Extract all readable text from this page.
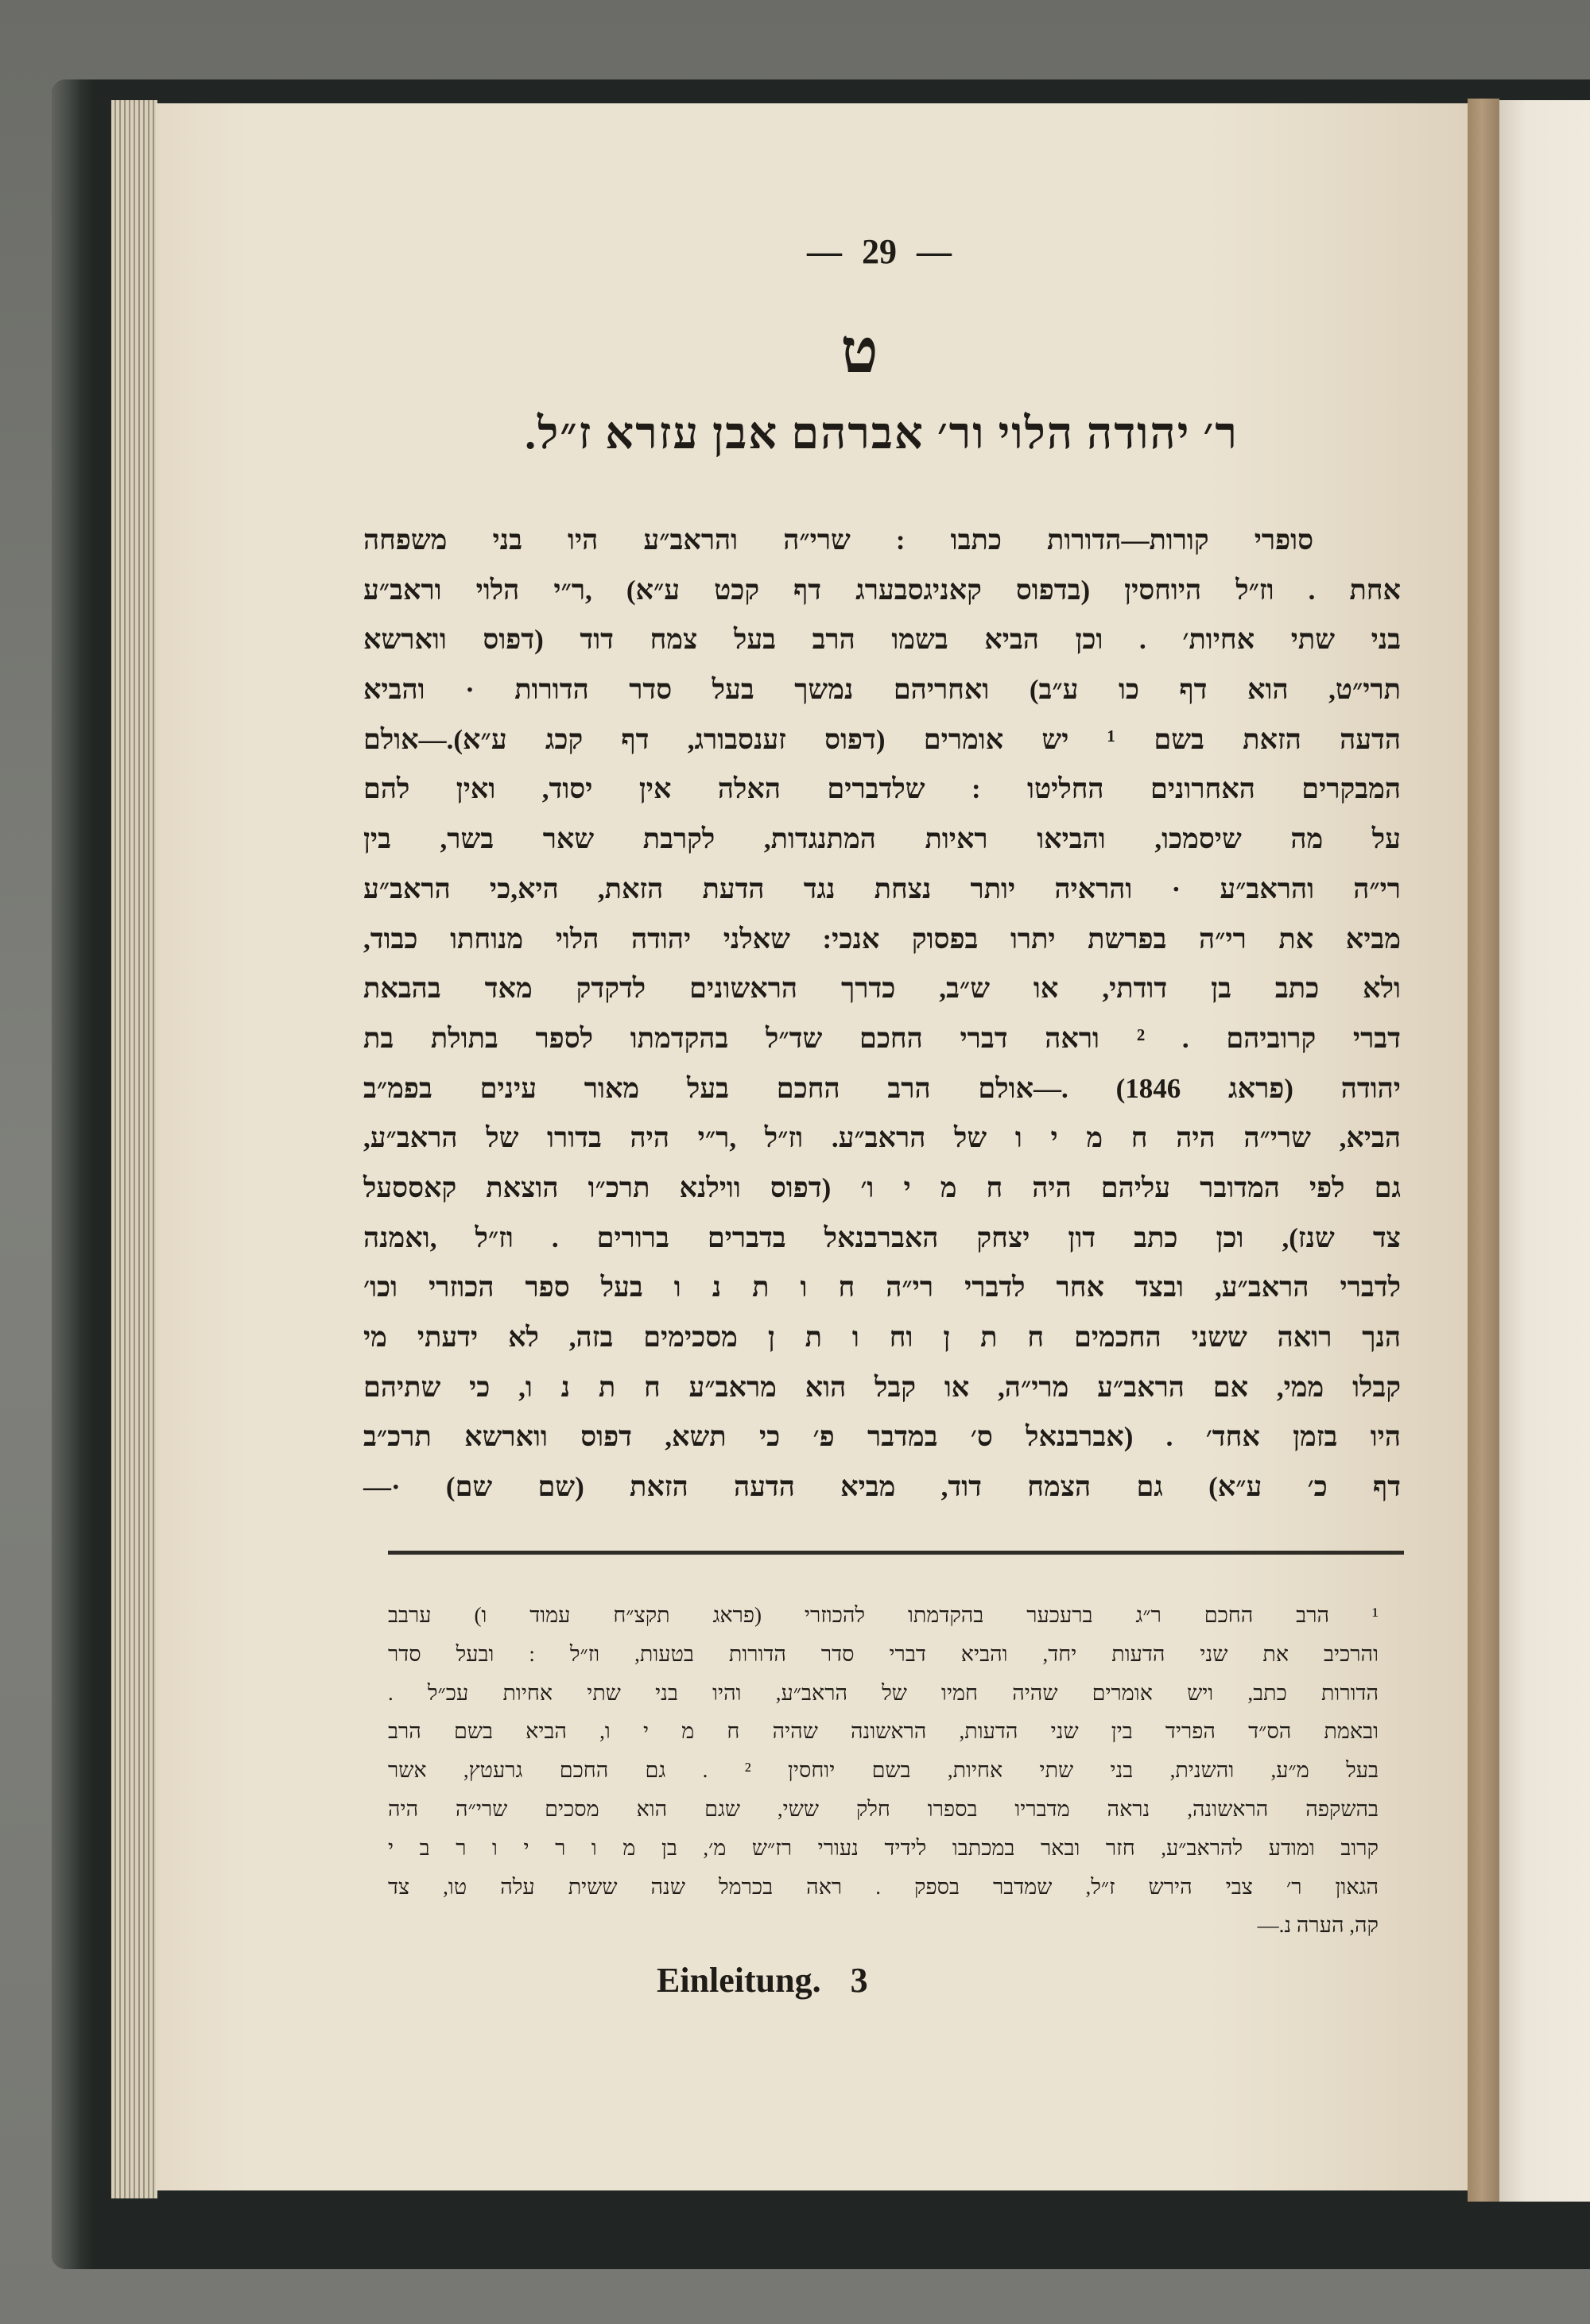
— 29 —
ט
ר׳ יהודה הלוי ור׳ אברהם אבן עזרא ז״ל.
סופרי קורות—הדורות כתבו : שרי״ה והראב״ע היו בני משפחה
אחת . וז״ל היוחסין (בדפוס קאניגסבערג דף קכט ע״א) ,ר״י הלוי וראב״ע
בני שתי אחיות׳ . וכן הביא בשמו הרב בעל צמח דוד (דפוס ווארשא
תרי״ט, הוא דף כו ע״ב) ואחריהם נמשך בעל סדר הדורות · והביא
הדעה הזאת בשם ¹ יש אומרים (דפוס זענסבורג, דף קכג ע״א).—אולם
המבקרים האחרונים החליטו : שלדברים האלה אין יסוד, ואין להם
על מה שיסמכו, והביאו ראיות המתנגדות, לקרבת שאר בשר, בין
רי״ה והראב״ע · והראיה יותר נצחת נגד הדעת הזאת, היא,כי הראב״ע
מביא את רי״ה בפרשת יתרו בפסוק אנכי: שאלני יהודה הלוי מנוחתו כבוד,
ולא כתב בן דודתי, או ש״ב, כדרך הראשונים לדקדק מאד בהבאת
דברי קרוביהם . ² וראה דברי החכם שד״ל בהקדמתו לספר בתולת בת
יהודה (פראג 1846) .—אולם הרב החכם בעל מאור עינים בפמ״ב
הביא, שרי״ה היה ח מ י ו של הראב״ע. וז״ל ,ר״י היה בדורו של הראב״ע,
גם לפי המדובר עליהם היה ח מ י ו׳ (דפוס ווילנא תרכ״ו הוצאת קאססעל
צד שנז), וכן כתב דון יצחק האברבנאל בדברים ברורים . וז״ל ,ואמנה
לדברי הראב״ע, ובצד אחר לדברי רי״ה ח ו ת נ ו בעל ספר הכוזרי וכו׳
הנך רואה ששני החכמים ח ת ן וח ו ת ן מסכימים בזה, לא ידעתי מי
קבלו ממי, אם הראב״ע מרי״ה, או קבל הוא מראב״ע ח ת נ ו, כי שתיהם
היו בזמן אחד׳ . (אברבנאל ס׳ במדבר פ׳ כי תשא, דפוס ווארשא תרכ״ב
דף כ׳ ע״א) גם הצמח דוד, מביא הדעה הזאת (שם שם) ·—
¹ הרב החכם ר״ג ברעכער בהקדמתו להכוזרי (פראג תקצ״ח עמוד ו) ערבב
והרכיב את שני הדעות יחד, והביא דברי סדר הדורות בטעות, וז״ל : ובעל סדר
הדורות כתב, ויש אומרים שהיה חמיו של הראב״ע, והיו בני שתי אחיות עכ״ל .
ובאמת הס״ד הפריד בין שני הדעות, הראשונה שהיה ח מ י ו, הביא בשם הרב
בעל מ״ע, והשנית, בני שתי אחיות, בשם יוחסין ² . גם החכם גרעטץ, אשר
בהשקפה הראשונה, נראה מדבריו בספרו חלק ששי, שגם הוא מסכים שרי״ה היה
קרוב ומודע להראב״ע, חזר ובאר במכתבו לידיד נעורי רז״ש מ׳, בן מ ו ר י ו ר ב י
הגאון ר׳ צבי הירש ז״ל, שמדבר בספק . ראה בכרמל שנה ששית עלה טו, צד
קה, הערה נ.—
Einleitung. 3
